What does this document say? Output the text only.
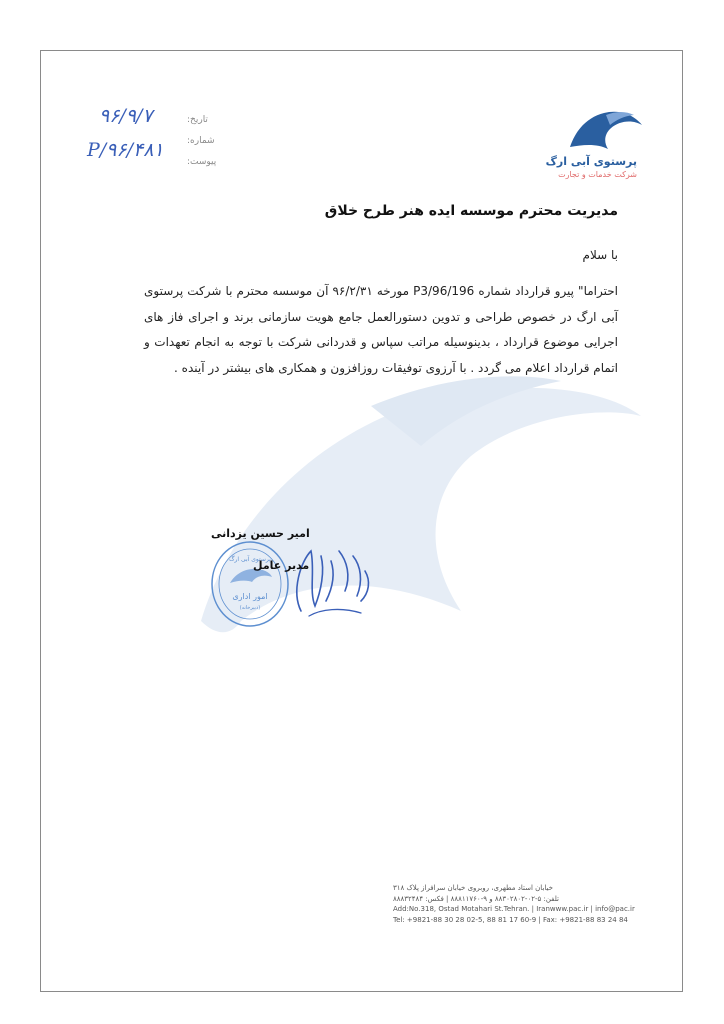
پرستوی آبی ارگ
شرکت خدمات و تجارت
تاریخ:
شماره:
پیوست:
۹۶/۹/۷
P/۹۶/۴۸۱
مدیریت محترم موسسه ایده هنر طرح خلاق
با سلام
احتراما" پیرو قرارداد شماره P3/96/196 مورخه ۹۶/۲/۳۱ آن موسسه محترم با شرکت پرستوی آبی ارگ در خصوص طراحی و تدوین دستورالعمل جامع هویت سازمانی برند و اجرای فاز های اجرایی موضوع قرارداد ، بدینوسیله مراتب سپاس و قدردانی شرکت با توجه به انجام تعهدات و اتمام قرارداد اعلام می گردد . با آرزوی توفیقات روزافزون و همکاری های بیشتر در آینده .
امور اداری
(دبیرخانه)
پرستوی آبی ارگ
امیر حسین یزدانی
مدیر عامل
خیابان استاد مطهری، روبروی خیابان سرافراز پلاک ۳۱۸
تلفن: ۵-۰۲-۸۸۳۰۲۸۰۲ و ۹-۸۸۸۱۱۷۶۰ | فکس: ۸۸۸۳۲۴۸۴
Add:No.318, Ostad Motahari St.Tehran. | Iranwww.pac.ir | info@pac.ir
Tel: +9821-88 30 28 02-5, 88 81 17 60-9 | Fax: +9821-88 83 24 84
